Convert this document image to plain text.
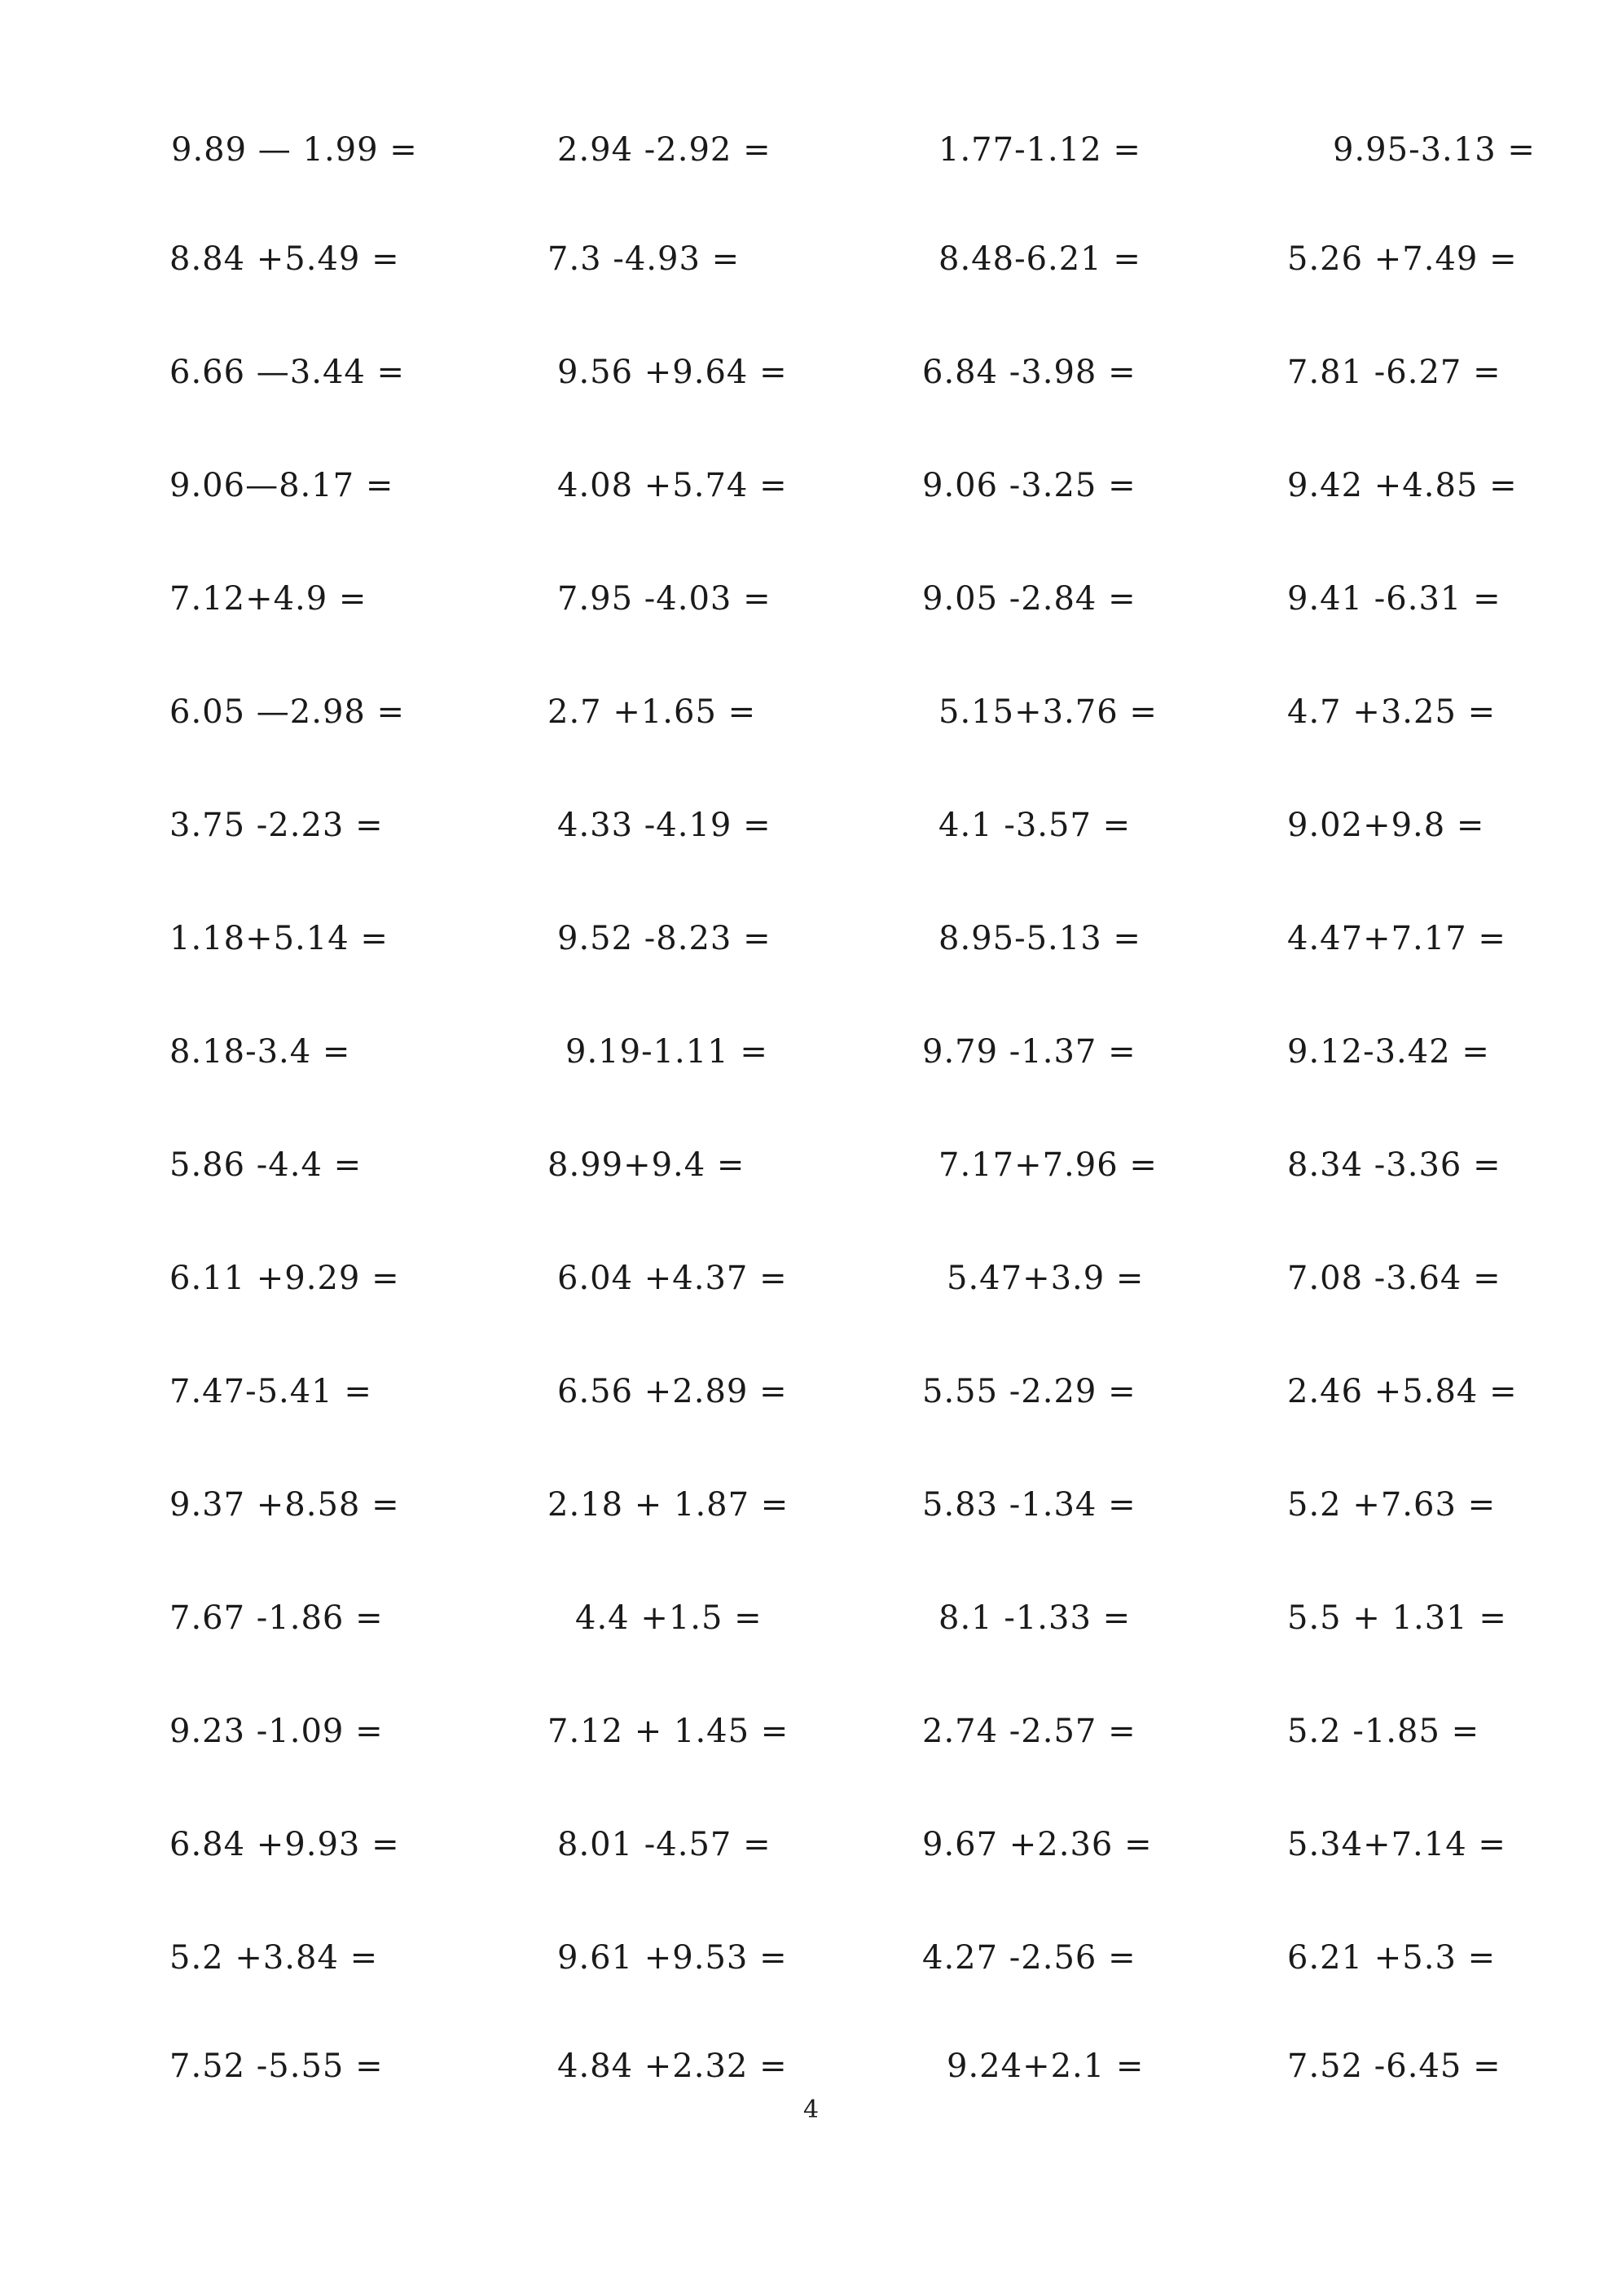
9.89 — 1.99 =	2.94 -2.92 =	1.77-1.12 =	9.95-3.13 =
8.84 +5.49 =	7.3 -4.93 =	8.48-6.21 =	5.26 +7.49 =
6.66 —3.44 =	9.56 +9.64 =	6.84 -3.98 =	7.81 -6.27 =
9.06—8.17 =	4.08 +5.74 =	9.06 -3.25 =	9.42 +4.85 =
7.12+4.9 =	7.95 -4.03 =	9.05 -2.84 =	9.41 -6.31 =
6.05 —2.98 =	2.7 +1.65 =	5.15+3.76 =	4.7 +3.25 =
3.75 -2.23 =	4.33 -4.19 =	4.1 -3.57 =	9.02+9.8 =
1.18+5.14 =	9.52 -8.23 =	8.95-5.13 =	4.47+7.17 =
8.18-3.4 =	9.19-1.11 =	9.79 -1.37 =	9.12-3.42 =
5.86 -4.4 =	8.99+9.4 =	7.17+7.96 =	8.34 -3.36 =
6.11 +9.29 =	6.04 +4.37 =	5.47+3.9 =	7.08 -3.64 =
7.47-5.41 =	6.56 +2.89 =	5.55 -2.29 =	2.46 +5.84 =
9.37 +8.58 =	2.18 + 1.87 =	5.83 -1.34 =	5.2 +7.63 =
7.67 -1.86 =	4.4 +1.5 =	8.1 -1.33 =	5.5 + 1.31 =
9.23 -1.09 =	7.12 + 1.45 =	2.74 -2.57 =	5.2 -1.85 =
6.84 +9.93 =	8.01 -4.57 =	9.67 +2.36 =	5.34+7.14 =
5.2 +3.84 =	9.61 +9.53 =	4.27 -2.56 =	6.21 +5.3 =
7.52 -5.55 =	4.84 +2.32 =	9.24+2.1 =	7.52 -6.45 =
4
